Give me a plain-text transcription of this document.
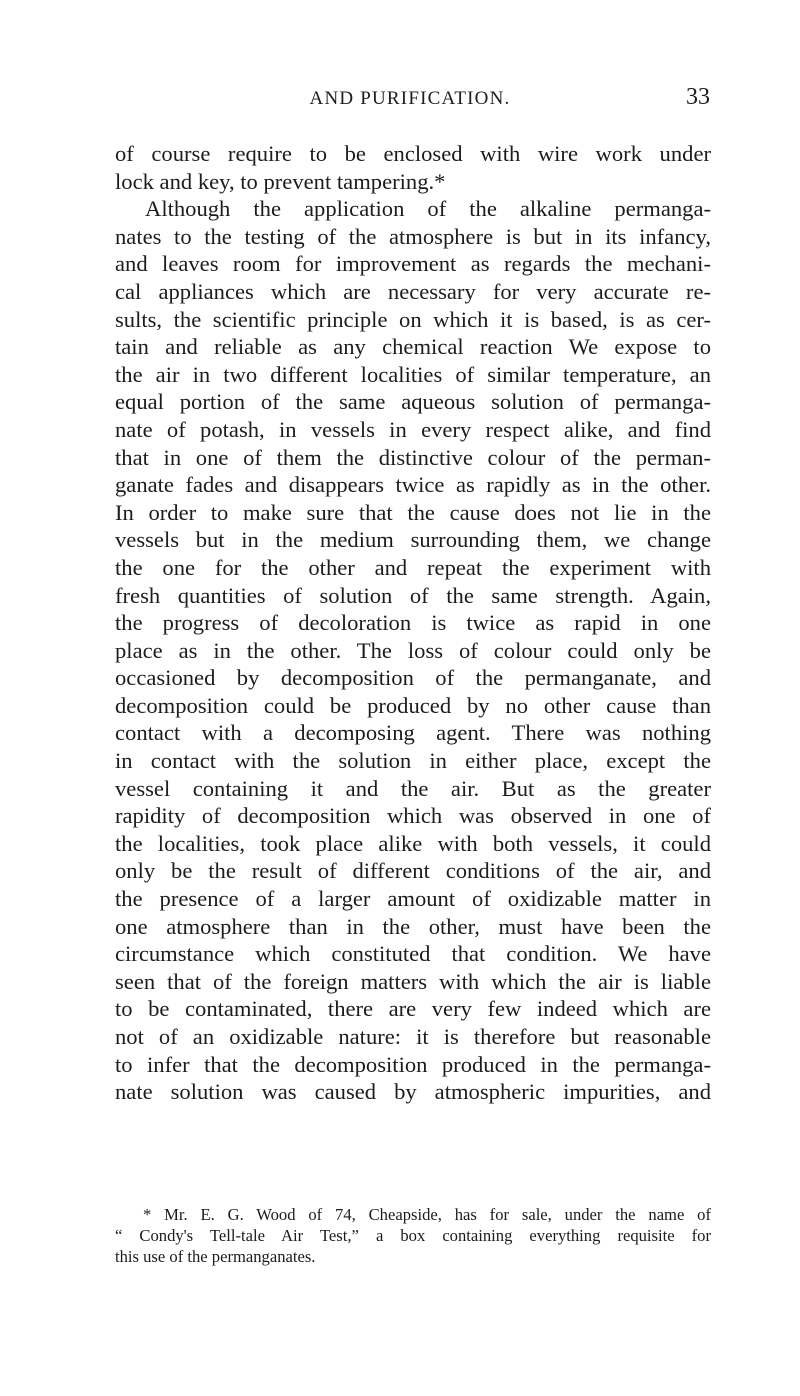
AND PURIFICATION.	33
of course require to be enclosed with wire work under
lock and key, to prevent tampering.*
Although the application of the alkaline permanga-
nates to the testing of the atmosphere is but in its infancy,
and leaves room for improvement as regards the mechani-
cal appliances which are necessary for very accurate re-
sults, the scientific principle on which it is based, is as cer-
tain and reliable as any chemical reaction We expose to
the air in two different localities of similar temperature, an
equal portion of the same aqueous solution of permanga-
nate of potash, in vessels in every respect alike, and find
that in one of them the distinctive colour of the perman-
ganate fades and disappears twice as rapidly as in the other.
In order to make sure that the cause does not lie in the
vessels but in the medium surrounding them, we change
the one for the other and repeat the experiment with
fresh quantities of solution of the same strength. Again,
the progress of decoloration is twice as rapid in one
place as in the other. The loss of colour could only be
occasioned by decomposition of the permanganate, and
decomposition could be produced by no other cause than
contact with a decomposing agent. There was nothing
in contact with the solution in either place, except the
vessel containing it and the air. But as the greater
rapidity of decomposition which was observed in one of
the localities, took place alike with both vessels, it could
only be the result of different conditions of the air, and
the presence of a larger amount of oxidizable matter in
one atmosphere than in the other, must have been the
circumstance which constituted that condition. We have
seen that of the foreign matters with which the air is liable
to be contaminated, there are very few indeed which are
not of an oxidizable nature: it is therefore but reasonable
to infer that the decomposition produced in the permanga-
nate solution was caused by atmospheric impurities, and
* Mr. E. G. Wood of 74, Cheapside, has for sale, under the name of
“ Condy's Tell-tale Air Test,” a box containing everything requisite for
this use of the permanganates.
